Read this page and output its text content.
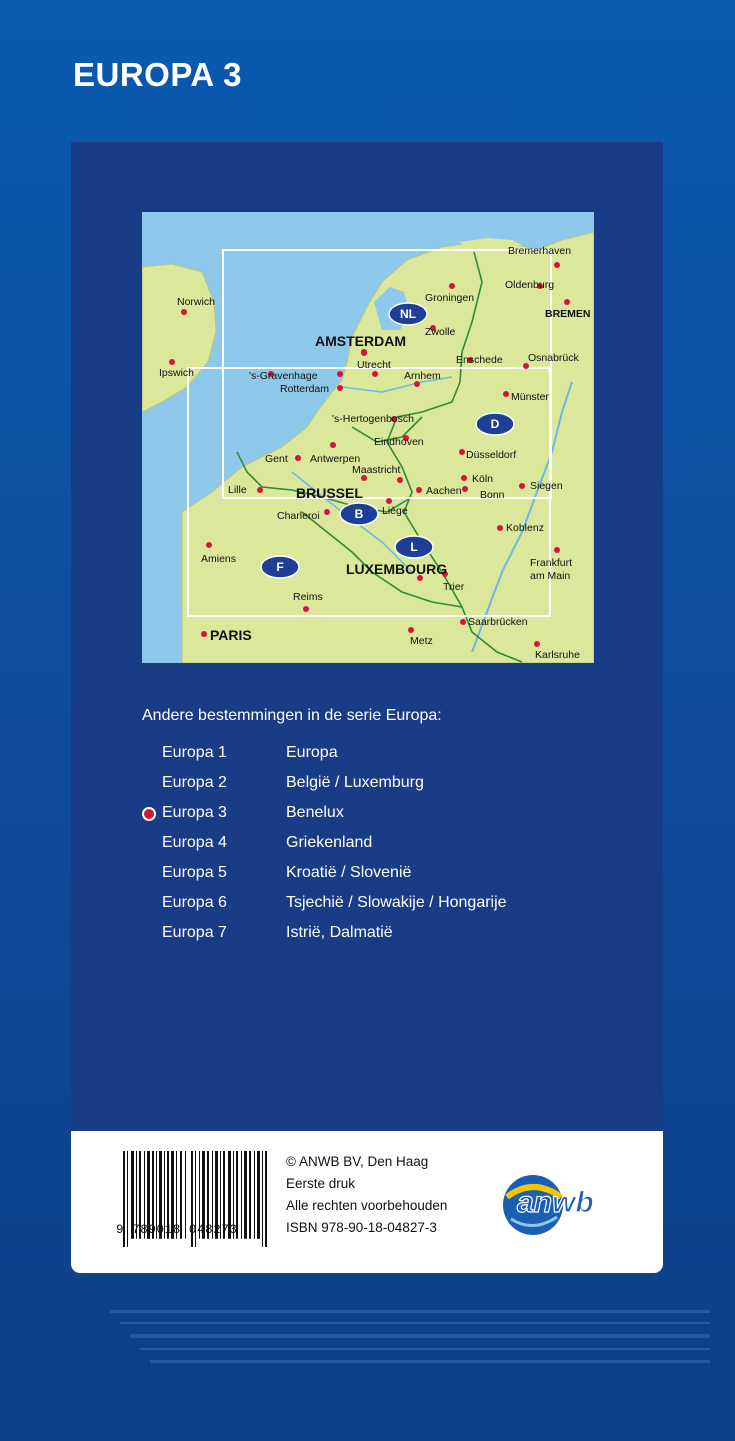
EUROPA 3
Bremerhaven
Norwich	Groningen
Oldenburg
BREMEN
Zwolle
Ipswich
Enschede Osnabrück
Utrecht
's-Gravenhage	Arnhem
Rotterdam
Münster
's-Hertogenbosch
Eindhoven
Gent Antwerpen	Düsseldorf
Maastricht
Köln
Lille	Aachen Bonn
Siegen
Charleroi	Liège
Koblenz
Amiens	Frankfurt
am Main
Trier
Reims
Saarbrücken
Metz
Karlsruhe
AMSTERDAM
BRUSSEL
LUXEMBOURG
PARIS
NL
D
B
L
F
Andere bestemmingen in de serie Europa:
Europa 1	Europa
Europa 2	België / Luxemburg
Europa 3	Benelux
Europa 4	Griekenland
Europa 5	Kroatië / Slovenië
Europa 6	Tsjechië / Slowakije / Hongarije
Europa 7	Istrië, Dalmatië
9 789018 048273
© ANWB BV, Den Haag
Eerste druk
Alle rechten voorbehouden
ISBN 978-90-18-04827-3
anwb
